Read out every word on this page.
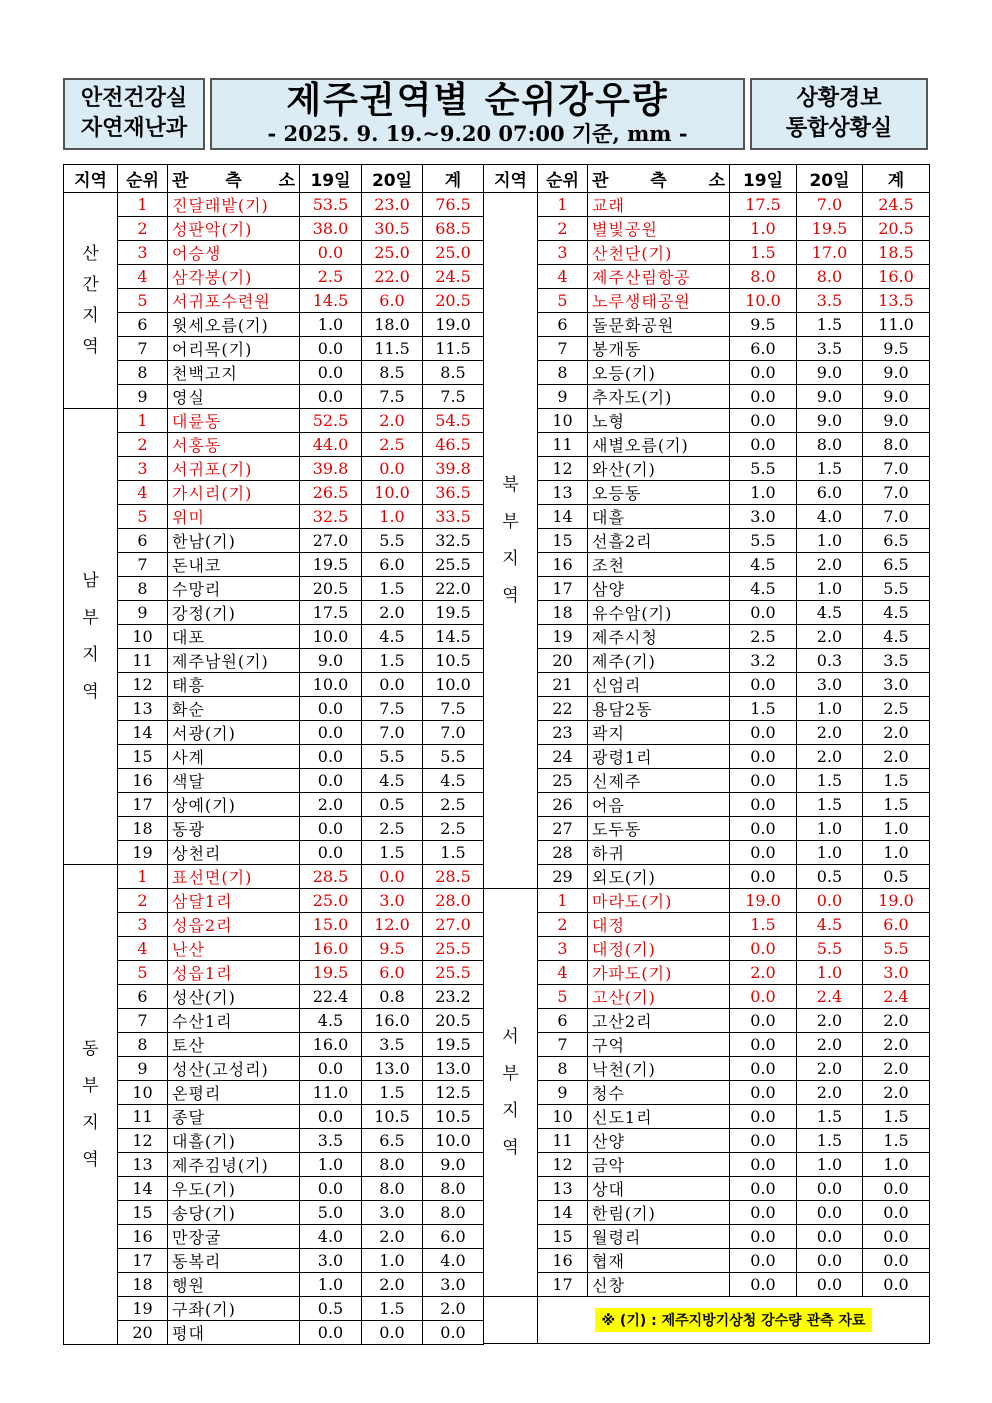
안전건강실
자연재난과
제주권역별 순위강우량
- 2025. 9. 19.~9.20 07:00 기준, mm -
상황경보
통합상황실
지역	순위	관 측 소	19일	20일	계

산
간
지
역	1	진달래밭(기)	53.5	23.0	76.5
	2	성판악(기)	38.0	30.5	68.5
	3	어승생	0.0	25.0	25.0
	4	삼각봉(기)	2.5	22.0	24.5
	5	서귀포수련원	14.5	6.0	20.5
	6	윗세오름(기)	1.0	18.0	19.0
	7	어리목(기)	0.0	11.5	11.5
	8	천백고지	0.0	8.5	8.5
	9	영실	0.0	7.5	7.5

남
부
지
역	1	대륜동	52.5	2.0	54.5
	2	서홍동	44.0	2.5	46.5
	3	서귀포(기)	39.8	0.0	39.8
	4	가시리(기)	26.5	10.0	36.5
	5	위미	32.5	1.0	33.5
	6	한남(기)	27.0	5.5	32.5
	7	돈내코	19.5	6.0	25.5
	8	수망리	20.5	1.5	22.0
	9	강정(기)	17.5	2.0	19.5
	10	대포	10.0	4.5	14.5
	11	제주남원(기)	9.0	1.5	10.5
	12	태흥	10.0	0.0	10.0
	13	화순	0.0	7.5	7.5
	14	서광(기)	0.0	7.0	7.0
	15	사계	0.0	5.5	5.5
	16	색달	0.0	4.5	4.5
	17	상예(기)	2.0	0.5	2.5
	18	동광	0.0	2.5	2.5
	19	상천리	0.0	1.5	1.5

동
부
지
역	1	표선면(기)	28.5	0.0	28.5
	2	삼달1리	25.0	3.0	28.0
	3	성읍2리	15.0	12.0	27.0
	4	난산	16.0	9.5	25.5
	5	성읍1리	19.5	6.0	25.5
	6	성산(기)	22.4	0.8	23.2
	7	수산1리	4.5	16.0	20.5
	8	토산	16.0	3.5	19.5
	9	성산(고성리)	0.0	13.0	13.0
	10	온평리	11.0	1.5	12.5
	11	종달	0.0	10.5	10.5
	12	대흘(기)	3.5	6.5	10.0
	13	제주김녕(기)	1.0	8.0	9.0
	14	우도(기)	0.0	8.0	8.0
	15	송당(기)	5.0	3.0	8.0
	16	만장굴	4.0	2.0	6.0
	17	동복리	3.0	1.0	4.0
	18	행원	1.0	2.0	3.0
	19	구좌(기)	0.5	1.5	2.0
	20	평대	0.0	0.0	0.0
지역	순위	관 측 소	19일	20일	계

북
부
지
역	1	교래	17.5	7.0	24.5
	2	별빛공원	1.0	19.5	20.5
	3	산천단(기)	1.5	17.0	18.5
	4	제주산림항공	8.0	8.0	16.0
	5	노루생태공원	10.0	3.5	13.5
	6	돌문화공원	9.5	1.5	11.0
	7	봉개동	6.0	3.5	9.5
	8	오등(기)	0.0	9.0	9.0
	9	추자도(기)	0.0	9.0	9.0
	10	노형	0.0	9.0	9.0
	11	새별오름(기)	0.0	8.0	8.0
	12	와산(기)	5.5	1.5	7.0
	13	오등동	1.0	6.0	7.0
	14	대흘	3.0	4.0	7.0
	15	선흘2리	5.5	1.0	6.5
	16	조천	4.5	2.0	6.5
	17	삼양	4.5	1.0	5.5
	18	유수암(기)	0.0	4.5	4.5
	19	제주시청	2.5	2.0	4.5
	20	제주(기)	3.2	0.3	3.5
	21	신엄리	0.0	3.0	3.0
	22	용담2동	1.5	1.0	2.5
	23	곽지	0.0	2.0	2.0
	24	광령1리	0.0	2.0	2.0
	25	신제주	0.0	1.5	1.5
	26	어음	0.0	1.5	1.5
	27	도두동	0.0	1.0	1.0
	28	하귀	0.0	1.0	1.0
	29	외도(기)	0.0	0.5	0.5

서
부
지
역	1	마라도(기)	19.0	0.0	19.0
	2	대정	1.5	4.5	6.0
	3	대정(기)	0.0	5.5	5.5
	4	가파도(기)	2.0	1.0	3.0
	5	고산(기)	0.0	2.4	2.4
	6	고산2리	0.0	2.0	2.0
	7	구억	0.0	2.0	2.0
	8	낙천(기)	0.0	2.0	2.0
	9	청수	0.0	2.0	2.0
	10	신도1리	0.0	1.5	1.5
	11	산양	0.0	1.5	1.5
	12	금악	0.0	1.0	1.0
	13	상대	0.0	0.0	0.0
	14	한림(기)	0.0	0.0	0.0
	15	월령리	0.0	0.0	0.0
	16	협재	0.0	0.0	0.0
	17	신창	0.0	0.0	0.0
	※ (기) : 제주지방기상청 강수량 관측 자료				
